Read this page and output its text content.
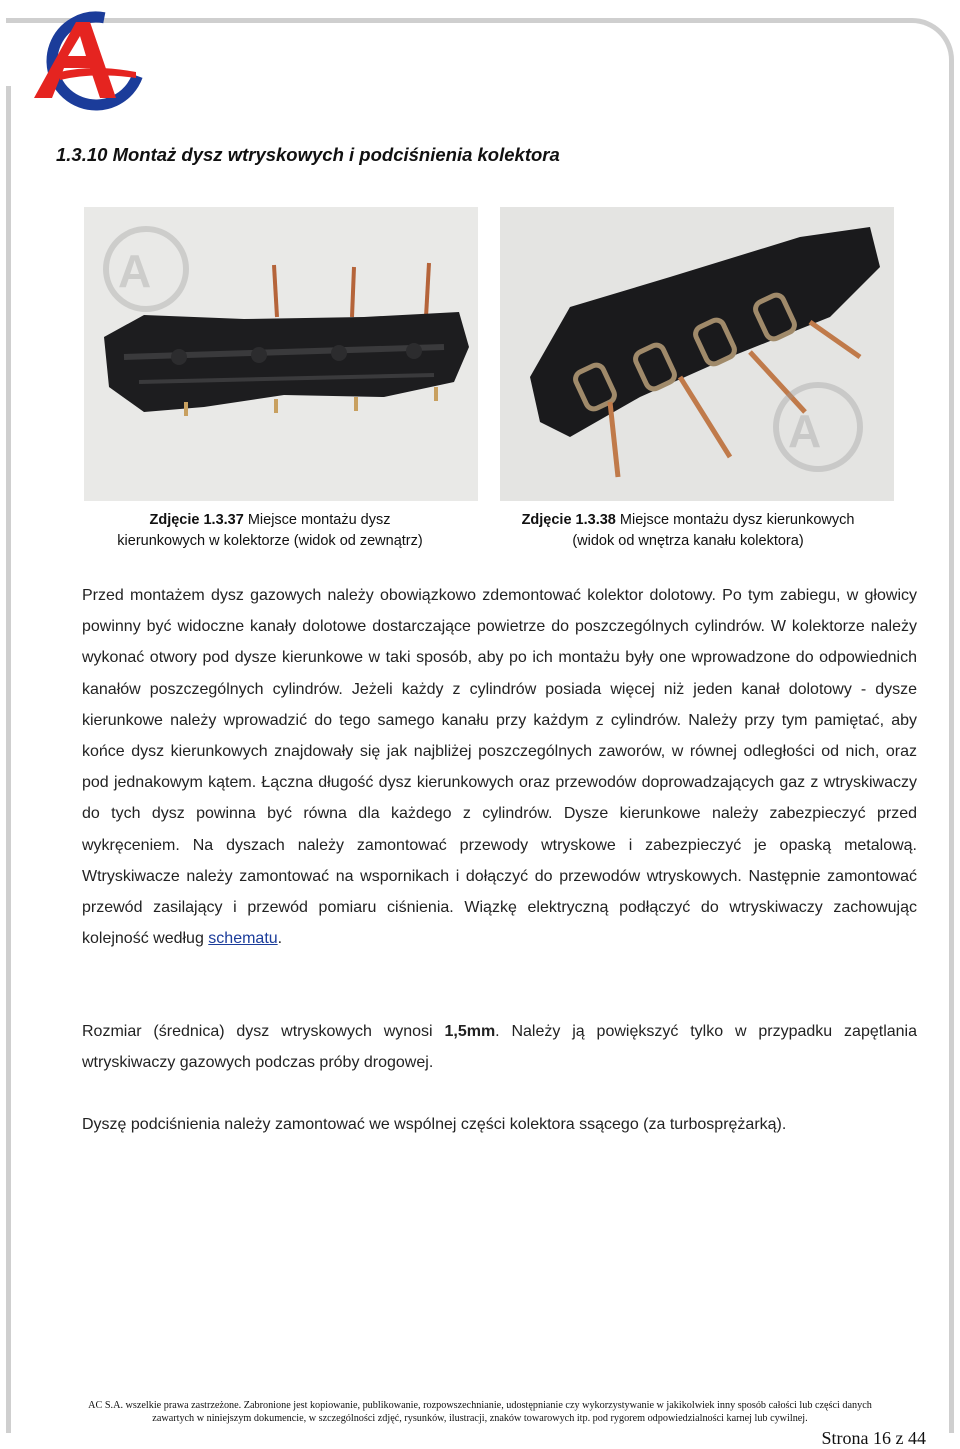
1.3.10 Montaż dysz wtryskowych i podciśnienia kolektora
A
A
Zdjęcie 1.3.37 Miejsce montażu dysz
kierunkowych w kolektorze (widok od zewnątrz)
Zdjęcie 1.3.38 Miejsce montażu dysz kierunkowych
(widok od wnętrza kanału kolektora)

Przed montażem dysz gazowych należy obowiązkowo zdemontować kolektor dolotowy. Po tym zabiegu, w głowicy powinny być widoczne kanały dolotowe dostarczające powietrze do poszczególnych cylindrów. W kolektorze należy wykonać otwory pod dysze kierunkowe w taki sposób, aby po ich montażu były one wprowadzone do odpowiednich kanałów poszczególnych cylindrów. Jeżeli każdy z cylindrów posiada więcej niż jeden kanał dolotowy - dysze kierunkowe należy wprowadzić do tego samego kanału przy każdym z cylindrów. Należy przy tym pamiętać, aby końce dysz kierunkowych znajdowały się jak najbliżej poszczególnych zaworów, w równej odległości od nich, oraz pod jednakowym kątem. Łączna długość dysz kierunkowych oraz przewodów doprowadzających gaz z wtryskiwaczy do tych dysz powinna być równa dla każdego z cylindrów. Dysze kierunkowe należy zabezpieczyć przed wykręceniem. Na dyszach należy zamontować przewody wtryskowe i zabezpieczyć je opaską metalową. Wtryskiwacze należy zamontować na wspornikach i dołączyć do przewodów wtryskowych. Następnie zamontować przewód zasilający i przewód pomiaru ciśnienia. Wiązkę elektryczną podłączyć do wtryskiwaczy zachowując kolejność według schematu.

Rozmiar (średnica) dysz wtryskowych wynosi 1,5mm. Należy ją powiększyć tylko w przypadku zapętlania wtryskiwaczy gazowych podczas próby drogowej.

Dyszę podciśnienia należy zamontować we wspólnej części kolektora ssącego (za turbosprężarką).

AC S.A. wszelkie prawa zastrzeżone. Zabronione jest kopiowanie, publikowanie, rozpowszechnianie, udostępnianie czy wykorzystywanie w jakikolwiek inny sposób całości lub części danych
zawartych w niniejszym dokumencie, w szczególności zdjęć, rysunków, ilustracji, znaków towarowych itp. pod rygorem odpowiedzialności karnej lub cywilnej.
Strona 16 z 44
